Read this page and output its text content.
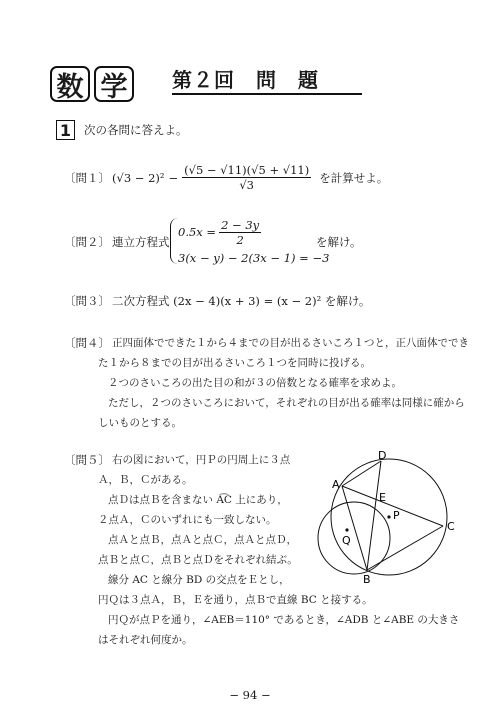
数 学 第２回　問　題
1 次の各問に答えよ。
〔問１〕 $(√3 - 2)^2 - \frac{(√5 - √11)(√5 + √11)}{√3}$ を計算せよ。
〔問２〕 連立方程式
$0.5x = \frac{2 - 3y}{2}$
3(x − y) − 2(3x − 1) = −3
を解け。
〔問３〕 二次方程式 (2x − 4)(x + 3) = (x − 2)² を解け。
〔問４〕 正四面体でできた１から４までの目が出るさいころ１つと，正八面体ででき
た１から８までの目が出るさいころ１つを同時に投げる。
２つのさいころの出た目の和が３の倍数となる確率を求めよ。
ただし，２つのさいころにおいて，それぞれの目が出る確率は同様に確から
しいものとする。
〔問５〕 右の図において，円Ｐの円周上に３点
Ａ，Ｂ，Ｃがある。
点Ｄは点Ｂを含まない A͡C 上にあり，
２点Ａ，Ｃのいずれにも一致しない。
点Ａと点Ｂ，点Ａと点Ｃ，点Ａと点Ｄ，
点Ｂと点Ｃ，点Ｂと点Ｄをそれぞれ結ぶ。
線分 AC と線分 BD の交点をＥとし，
円Ｑは３点Ａ，Ｂ，Ｅを通り，点Ｂで直線 BC と接する。
円Ｑが点Ｐを通り，∠AEB＝110° であるとき，∠ADB と∠ABE の大きさ
はそれぞれ何度か。
A
B
C
D
E
P
Q
− 94 −
